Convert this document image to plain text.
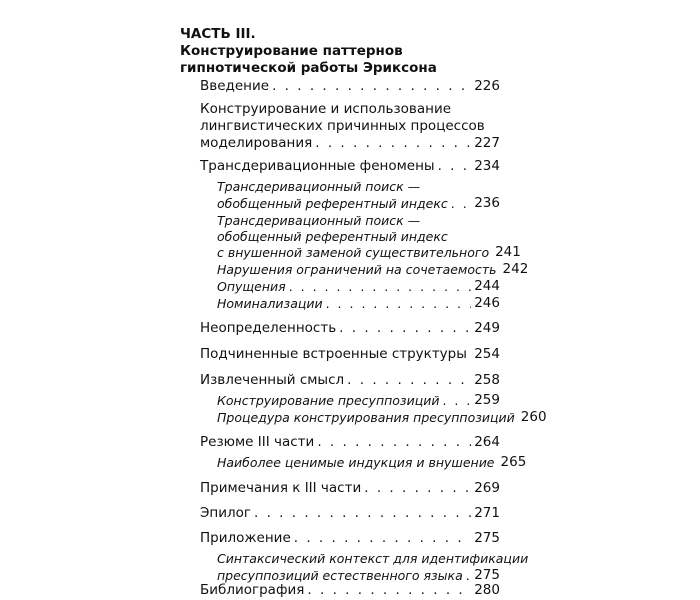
ЧАСТЬ III.
Конструирование паттернов
гипнотической работы Эриксона
Введение . . .	226
Конструирование и использование
лингвистических причинных процессов
моделирования . . .	227
Трансдеривационные феномены . . .	234
Трансдеривационный поиск —
обобщенный референтный индекс . . . 236
Трансдеривационный поиск —
обобщенный референтный индекс
с внушенной заменой существительного 241
Нарушения ограничений на сочетаемость 242
Опущения . . .	244
Номинализации . . .	246
Неопределенность . . .	249
Подчиненные встроенные структуры . . . 254
Извлеченный смысл . . .	258
Конструирование пресуппозиций . . .	259
Процедура конструирования пресуппозиций 260
Резюме III части . . .	264
Наиболее ценимые индукция и внушение 265
Примечания к III части . . .	269
Эпилог . . .	271
Приложение . . .	275
Синтаксический контекст для идентификации
пресуппозиций естественного языка . . . 275
Библиография . . .	280
